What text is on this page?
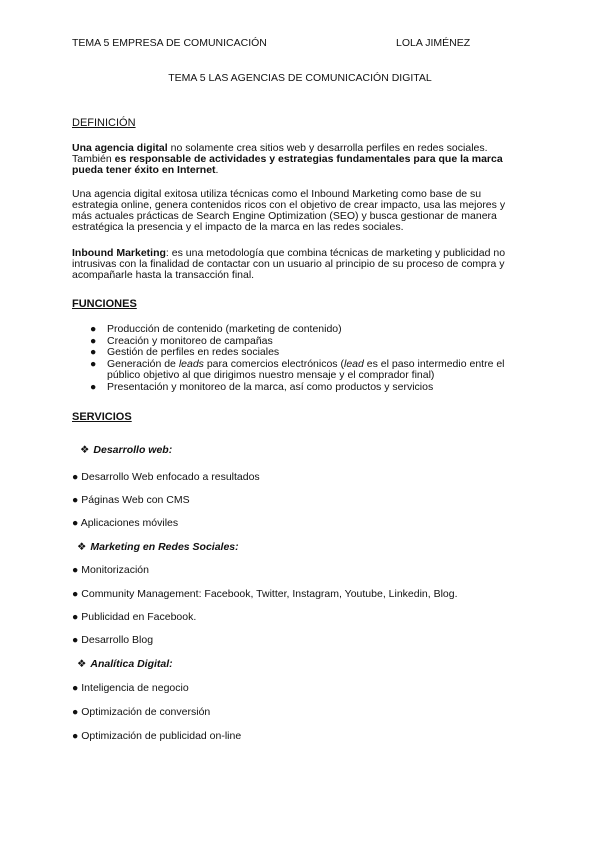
TEMA 5 EMPRESA DE COMUNICACIÓN	LOLA JIMÉNEZ
TEMA 5 LAS AGENCIAS DE COMUNICACIÓN DIGITAL
DEFINICIÓN
Una agencia digital no solamente crea sitios web y desarrolla perfiles en redes sociales. También es responsable de actividades y estrategias fundamentales para que la marca pueda tener éxito en Internet.
Una agencia digital exitosa utiliza técnicas como el Inbound Marketing como base de su estrategia online, genera contenidos ricos con el objetivo de crear impacto, usa las mejores y más actuales prácticas de Search Engine Optimization (SEO) y busca gestionar de manera estratégica la presencia y el impacto de la marca en las redes sociales.
Inbound Marketing: es una metodología que combina técnicas de marketing y publicidad no intrusivas con la finalidad de contactar con un usuario al principio de su proceso de compra y acompañarle hasta la transacción final.
FUNCIONES
● Producción de contenido (marketing de contenido)
● Creación y monitoreo de campañas
● Gestión de perfiles en redes sociales
● Generación de leads para comercios electrónicos (lead es el paso intermedio entre el público objetivo al que dirigimos nuestro mensaje y el comprador final)
● Presentación y monitoreo de la marca, así como productos y servicios
SERVICIOS
❖ Desarrollo web:
● Desarrollo Web enfocado a resultados
● Páginas Web con CMS
● Aplicaciones móviles
❖ Marketing en Redes Sociales:
● Monitorización
● Community Management: Facebook, Twitter, Instagram, Youtube, Linkedin, Blog.
● Publicidad en Facebook.
● Desarrollo Blog
❖ Analítica Digital:
● Inteligencia de negocio
● Optimización de conversión
● Optimización de publicidad on-line
